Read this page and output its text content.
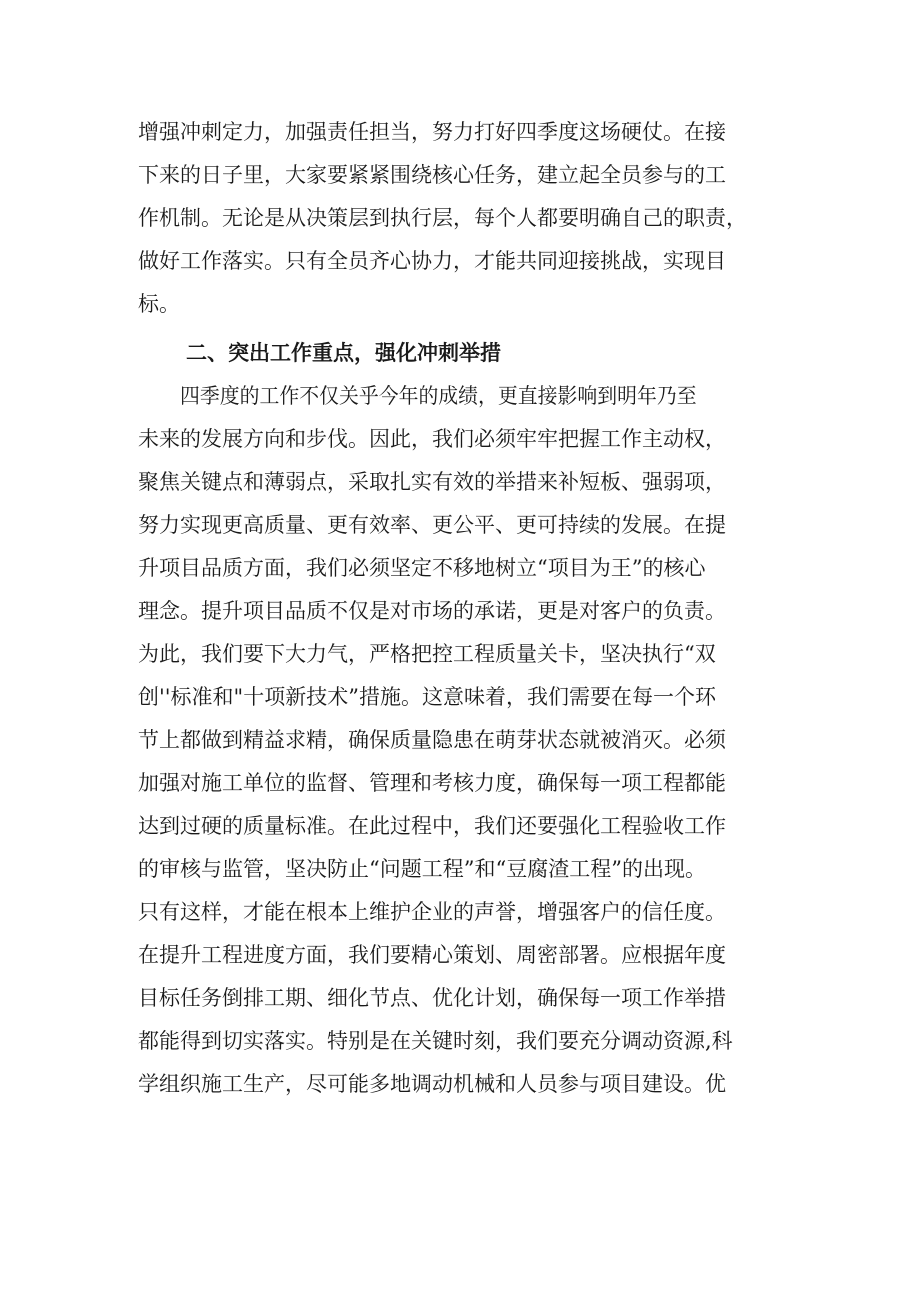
增强冲刺定力，加强责任担当，努力打好四季度这场硬仗。在接
下来的日子里，大家要紧紧围绕核心任务，建立起全员参与的工
作机制。无论是从决策层到执行层，每个人都要明确自己的职责，
做好工作落实。只有全员齐心协力，才能共同迎接挑战，实现目
标。
二、突出工作重点，强化冲刺举措
四季度的工作不仅关乎今年的成绩，更直接影响到明年乃至
未来的发展方向和步伐。因此，我们必须牢牢把握工作主动权，
聚焦关键点和薄弱点，采取扎实有效的举措来补短板、强弱项，
努力实现更高质量、更有效率、更公平、更可持续的发展。在提
升项目品质方面，我们必须坚定不移地树立“项目为王”的核心
理念。提升项目品质不仅是对市场的承诺，更是对客户的负责。
为此，我们要下大力气，严格把控工程质量关卡，坚决执行“双
创''标准和"十项新技术”措施。这意味着，我们需要在每一个环
节上都做到精益求精，确保质量隐患在萌芽状态就被消灭。必须
加强对施工单位的监督、管理和考核力度，确保每一项工程都能
达到过硬的质量标准。在此过程中，我们还要强化工程验收工作
的审核与监管，坚决防止“问题工程”和“豆腐渣工程”的出现。
只有这样，才能在根本上维护企业的声誉，增强客户的信任度。
在提升工程进度方面，我们要精心策划、周密部署。应根据年度
目标任务倒排工期、细化节点、优化计划，确保每一项工作举措
都能得到切实落实。特别是在关键时刻，我们要充分调动资源,科
学组织施工生产，尽可能多地调动机械和人员参与项目建设。优
